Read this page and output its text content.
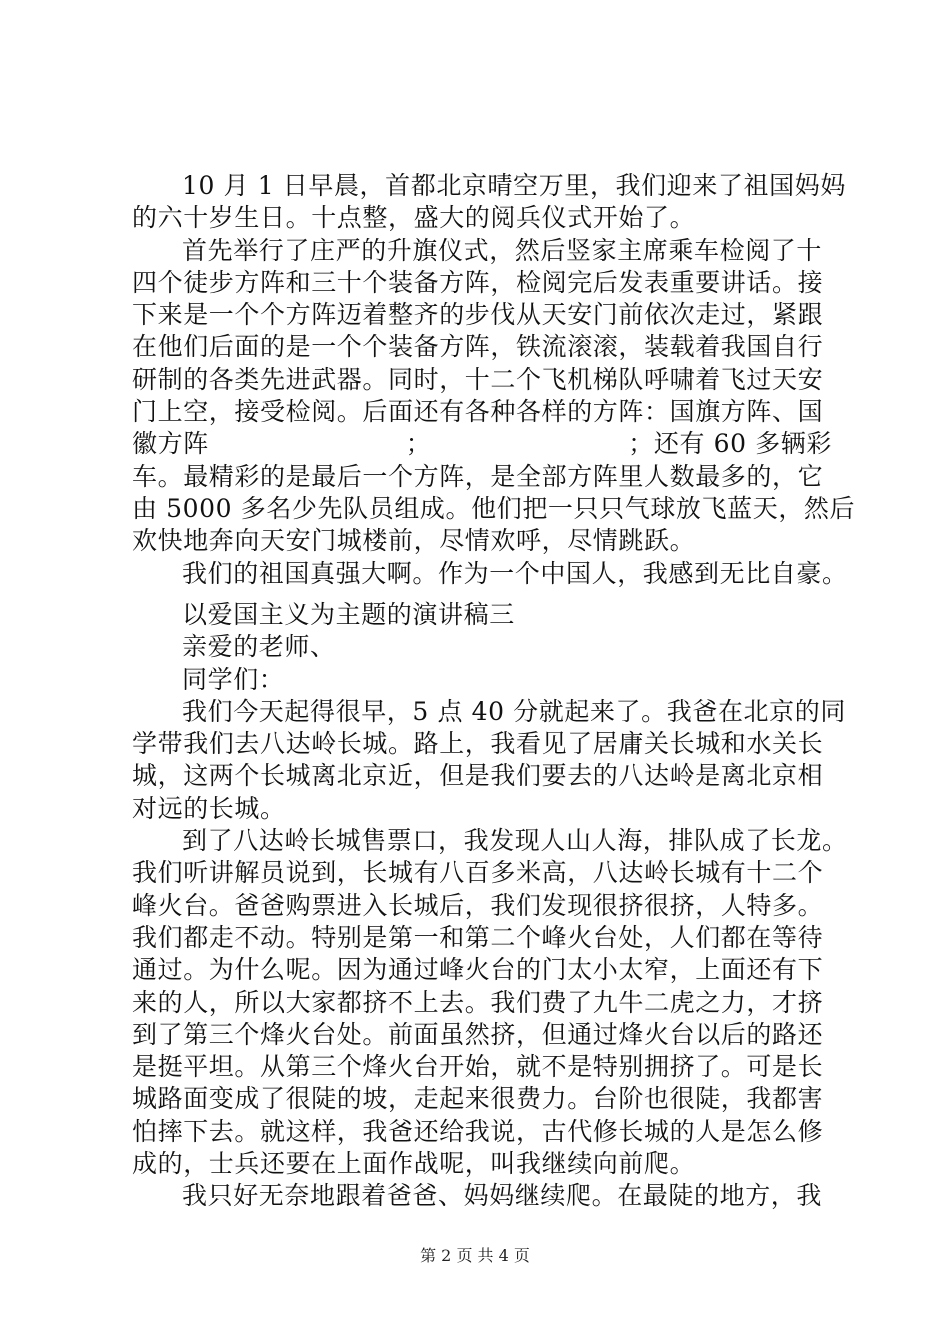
10 月 1 日早晨，首都北京晴空万里，我们迎来了祖国妈妈
的六十岁生日。十点整，盛大的阅兵仪式开始了。
首先举行了庄严的升旗仪式，然后竖家主席乘车检阅了十
四个徒步方阵和三十个装备方阵，检阅完后发表重要讲话。接
下来是一个个方阵迈着整齐的步伐从天安门前依次走过，紧跟
在他们后面的是一个个装备方阵，铁流滚滚，装载着我国自行
研制的各类先进武器。同时，十二个飞机梯队呼啸着飞过天安
门上空，接受检阅。后面还有各种各样的方阵：国旗方阵、国
徽方阵	；	；还有 60 多辆彩
车。最精彩的是最后一个方阵，是全部方阵里人数最多的，它
由 5000 多名少先队员组成。他们把一只只气球放飞蓝天，然后
欢快地奔向天安门城楼前，尽情欢呼，尽情跳跃。
我们的祖国真强大啊。作为一个中国人，我感到无比自豪。
以爱国主义为主题的演讲稿三
亲爱的老师、
同学们：
我们今天起得很早，5 点 40 分就起来了。我爸在北京的同
学带我们去八达岭长城。路上，我看见了居庸关长城和水关长
城，这两个长城离北京近，但是我们要去的八达岭是离北京相
对远的长城。
到了八达岭长城售票口，我发现人山人海，排队成了长龙。
我们听讲解员说到，长城有八百多米高，八达岭长城有十二个
峰火台。爸爸购票进入长城后，我们发现很挤很挤，人特多。
我们都走不动。特别是第一和第二个峰火台处，人们都在等待
通过。为什么呢。因为通过峰火台的门太小太窄，上面还有下
来的人，所以大家都挤不上去。我们费了九牛二虎之力，才挤
到了第三个烽火台处。前面虽然挤，但通过烽火台以后的路还
是挺平坦。从第三个烽火台开始，就不是特别拥挤了。可是长
城路面变成了很陡的坡，走起来很费力。台阶也很陡，我都害
怕摔下去。就这样，我爸还给我说，古代修长城的人是怎么修
成的，士兵还要在上面作战呢，叫我继续向前爬。
我只好无奈地跟着爸爸、妈妈继续爬。在最陡的地方，我
第 2 页 共 4 页
